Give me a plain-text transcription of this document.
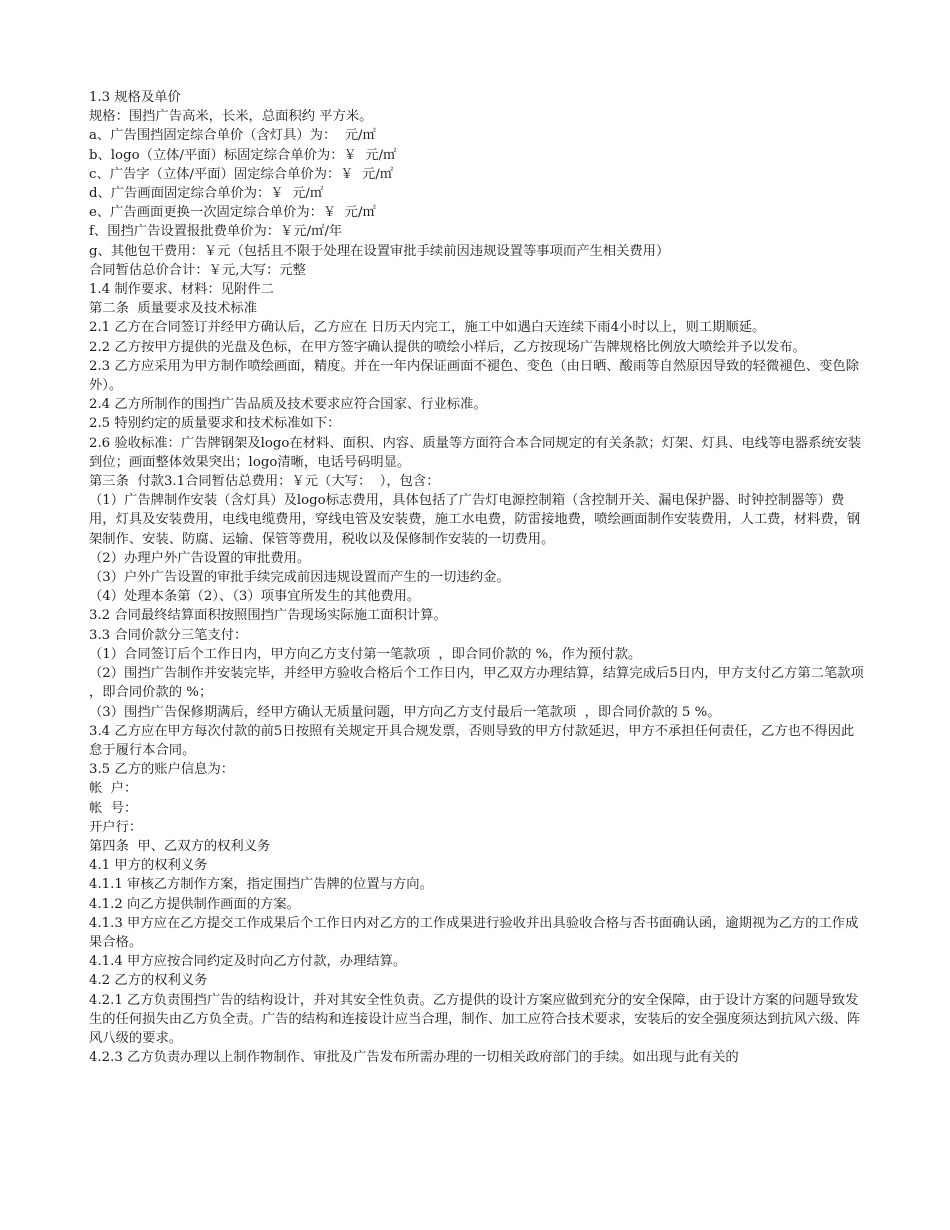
1.3 规格及单价

规格：围挡广告高米，长米，总面积约 平方米。

a、广告围挡固定综合单价（含灯具）为：  元/㎡

b、logo（立体/平面）标固定综合单价为：￥  元/㎡

c、广告字（立体/平面）固定综合单价为：￥  元/㎡

d、广告画面固定综合单价为：￥  元/㎡

e、广告画面更换一次固定综合单价为：￥  元/㎡

f、围挡广告设置报批费单价为：￥元/㎡/年

g、其他包干费用：￥元（包括且不限于处理在设置审批手续前因违规设置等事项而产生相关费用）

合同暂估总价合计：￥元,大写：元整

1.4 制作要求、材料：见附件二

第二条  质量要求及技术标准

2.1 乙方在合同签订并经甲方确认后，乙方应在 日历天内完工，施工中如遇白天连续下雨4小时以上，则工期顺延。

2.2 乙方按甲方提供的光盘及色标，在甲方签字确认提供的喷绘小样后，乙方按现场广告牌规格比例放大喷绘并予以发布。

2.3 乙方应采用为甲方制作喷绘画面，精度。并在一年内保证画面不褪色、变色（由日晒、酸雨等自然原因导致的轻微褪色、变色除外）。

2.4 乙方所制作的围挡广告品质及技术要求应符合国家、行业标准。

2.5 特别约定的质量要求和技术标准如下：

2.6 验收标准：广告牌钢架及logo在材料、面积、内容、质量等方面符合本合同规定的有关条款；灯架、灯具、电线等电器系统安装到位；画面整体效果突出；logo清晰，电话号码明显。

第三条  付款3.1合同暂估总费用：￥元（大写：  ），包含：

（1）广告牌制作安装（含灯具）及logo标志费用，具体包括了广告灯电源控制箱（含控制开关、漏电保护器、时钟控制器等）费用，灯具及安装费用，电线电缆费用，穿线电管及安装费，施工水电费，防雷接地费，喷绘画面制作安装费用，人工费，材料费，钢架制作、安装、防腐、运输、保管等费用，税收以及保修制作安装的一切费用。

（2）办理户外广告设置的审批费用。

（3）户外广告设置的审批手续完成前因违规设置而产生的一切违约金。

（4）处理本条第（2）、（3）项事宜所发生的其他费用。

3.2 合同最终结算面积按照围挡广告现场实际施工面积计算。

3.3 合同价款分三笔支付：

（1）合同签订后个工作日内，甲方向乙方支付第一笔款项  ，即合同价款的 %，作为预付款。

（2）围挡广告制作并安装完毕，并经甲方验收合格后个工作日内，甲乙双方办理结算，结算完成后5日内，甲方支付乙方第二笔款项  ，即合同价款的 %；

（3）围挡广告保修期满后，经甲方确认无质量问题，甲方向乙方支付最后一笔款项  ，即合同价款的 5 %。

3.4 乙方应在甲方每次付款的前5日按照有关规定开具合规发票，否则导致的甲方付款延迟，甲方不承担任何责任，乙方也不得因此怠于履行本合同。

3.5 乙方的账户信息为：

帐  户：

帐  号：

开户行：

第四条  甲、乙双方的权利义务

4.1 甲方的权利义务

4.1.1 审核乙方制作方案，指定围挡广告牌的位置与方向。

4.1.2 向乙方提供制作画面的方案。

4.1.3 甲方应在乙方提交工作成果后个工作日内对乙方的工作成果进行验收并出具验收合格与否书面确认函，逾期视为乙方的工作成果合格。

4.1.4 甲方应按合同约定及时向乙方付款，办理结算。

4.2 乙方的权利义务

4.2.1 乙方负责围挡广告的结构设计，并对其安全性负责。乙方提供的设计方案应做到充分的安全保障，由于设计方案的问题导致发生的任何损失由乙方负全责。广告的结构和连接设计应当合理，制作、加工应符合技术要求，安装后的安全强度须达到抗风六级、阵风八级的要求。

4.2.3 乙方负责办理以上制作物制作、审批及广告发布所需办理的一切相关政府部门的手续。如出现与此有关的
